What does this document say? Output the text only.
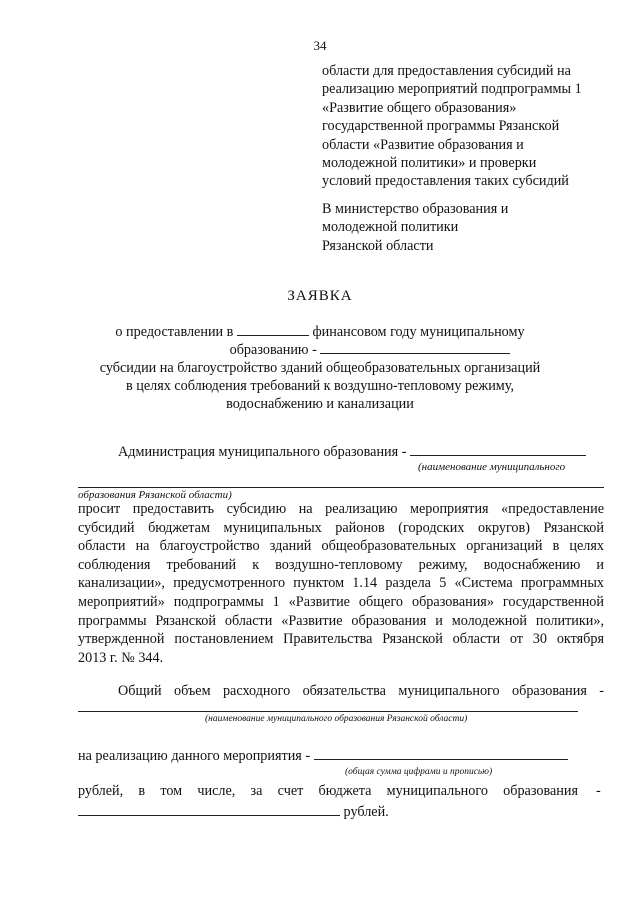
34
области для предоставления субсидий на
реализацию мероприятий подпрограммы 1
«Развитие общего образования»
государственной программы Рязанской
области «Развитие образования и
молодежной политики» и проверки
условий предоставления таких субсидий
В министерство образования и
молодежной политики
Рязанской области
ЗАЯВКА
о предоставлении в	финансовом году муниципальному
образованию -
субсидии на благоустройство зданий общеобразовательных организаций
в целях соблюдения требований к воздушно-тепловому режиму,
водоснабжению и канализации
Администрация муниципального образования -
(наименование муниципального
образования Рязанской области)
просит предоставить субсидию на реализацию мероприятия «предоставление
субсидий бюджетам муниципальных районов (городских округов) Рязанской
области на благоустройство зданий общеобразовательных организаций в целях
соблюдения требований к воздушно-тепловому режиму, водоснабжению и
канализации», предусмотренного пунктом 1.14 раздела 5 «Система программных
мероприятий» подпрограммы 1 «Развитие общего образования» государственной
программы Рязанской области «Развитие образования и молодежной политики»,
утвержденной постановлением Правительства Рязанской области от 30 октября
2013 г. № 344.
Общий объем расходного обязательства муниципального образования -
(наименование муниципального образования Рязанской области)
на реализацию данного мероприятия -
(общая сумма цифрами и прописью)
рублей, в том числе, за счет бюджета муниципального образования -
рублей.
